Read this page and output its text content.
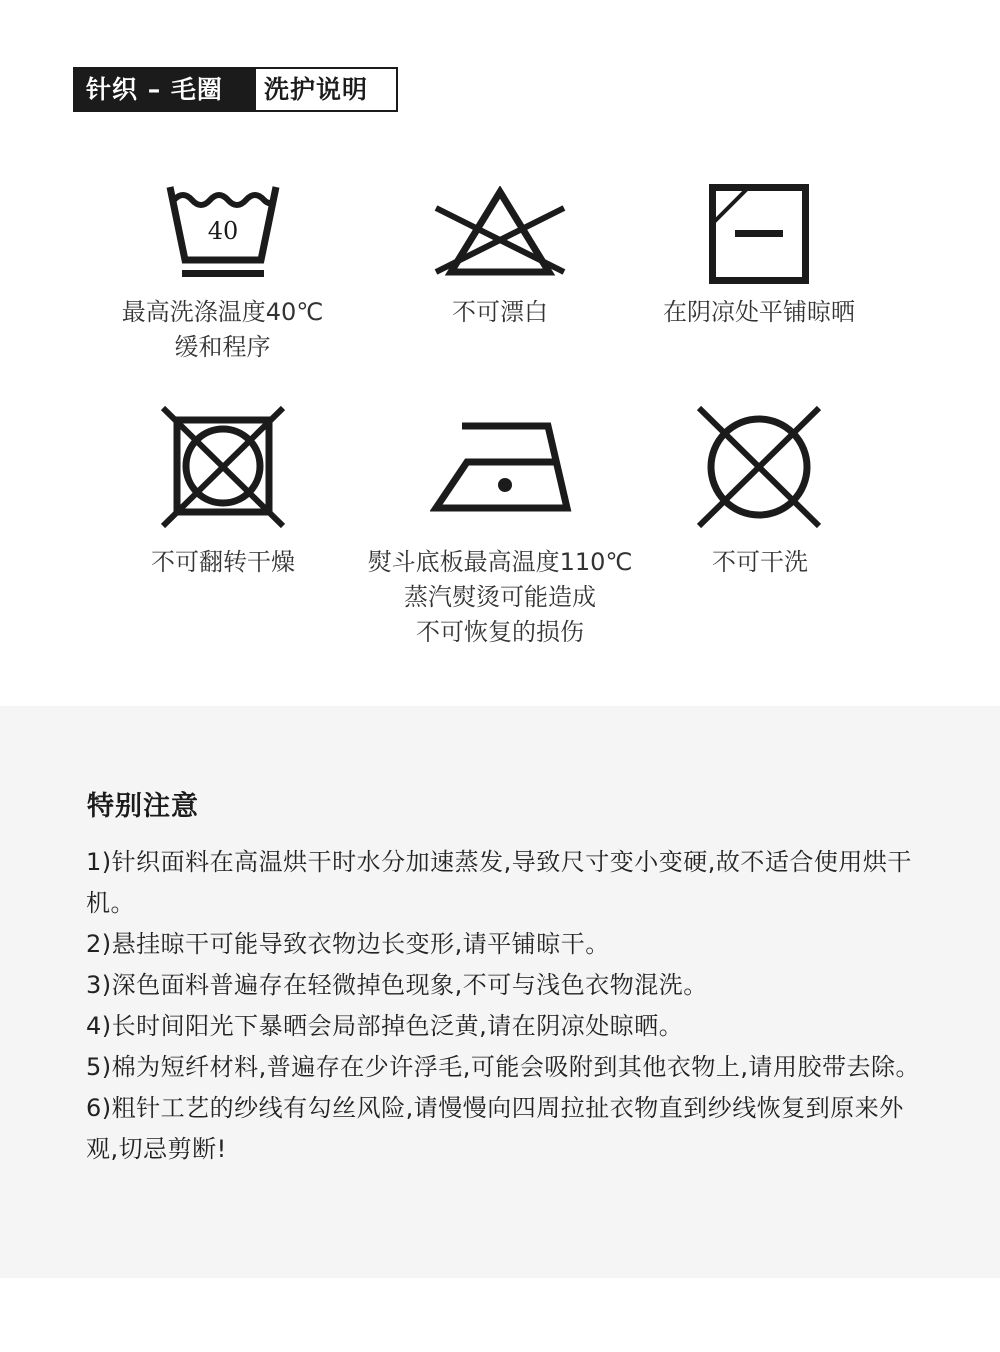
针织 – 毛圈	洗护说明
40
最高洗涤温度40℃
缓和程序
不可漂白	在阴凉处平铺晾晒
不可翻转干燥	熨斗底板最高温度110℃
蒸汽熨烫可能造成
不可恢复的损伤
不可干洗
特别注意
1)针织面料在高温烘干时水分加速蒸发,导致尺寸变小变硬,故不适合使用烘干机。
2)悬挂晾干可能导致衣物边长变形,请平铺晾干。
3)深色面料普遍存在轻微掉色现象,不可与浅色衣物混洗。
4)长时间阳光下暴晒会局部掉色泛黄,请在阴凉处晾晒。
5)棉为短纤材料,普遍存在少许浮毛,可能会吸附到其他衣物上,请用胶带去除。
6)粗针工艺的纱线有勾丝风险,请慢慢向四周拉扯衣物直到纱线恢复到原来外观,切忌剪断!
